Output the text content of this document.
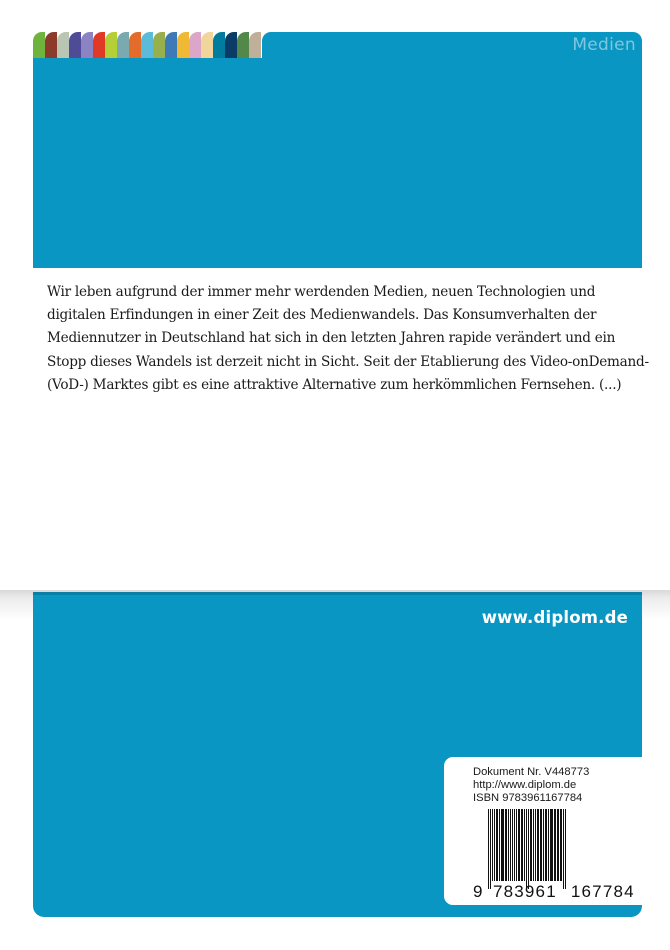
Medien
Wir leben aufgrund der immer mehr werdenden Medien, neuen Technologien und
digitalen Erfindungen in einer Zeit des Medienwandels. Das Konsumverhalten der
Mediennutzer in Deutschland hat sich in den letzten Jahren rapide verändert und ein
Stopp dieses Wandels ist derzeit nicht in Sicht. Seit der Etablierung des Video-onDemand-
(VoD-) Marktes gibt es eine attraktive Alternative zum herkömmlichen Fernsehen. (...)
www.diplom.de
Dokument Nr. V448773
http://www.diplom.de
ISBN 9783961167784
9 783961 167784
